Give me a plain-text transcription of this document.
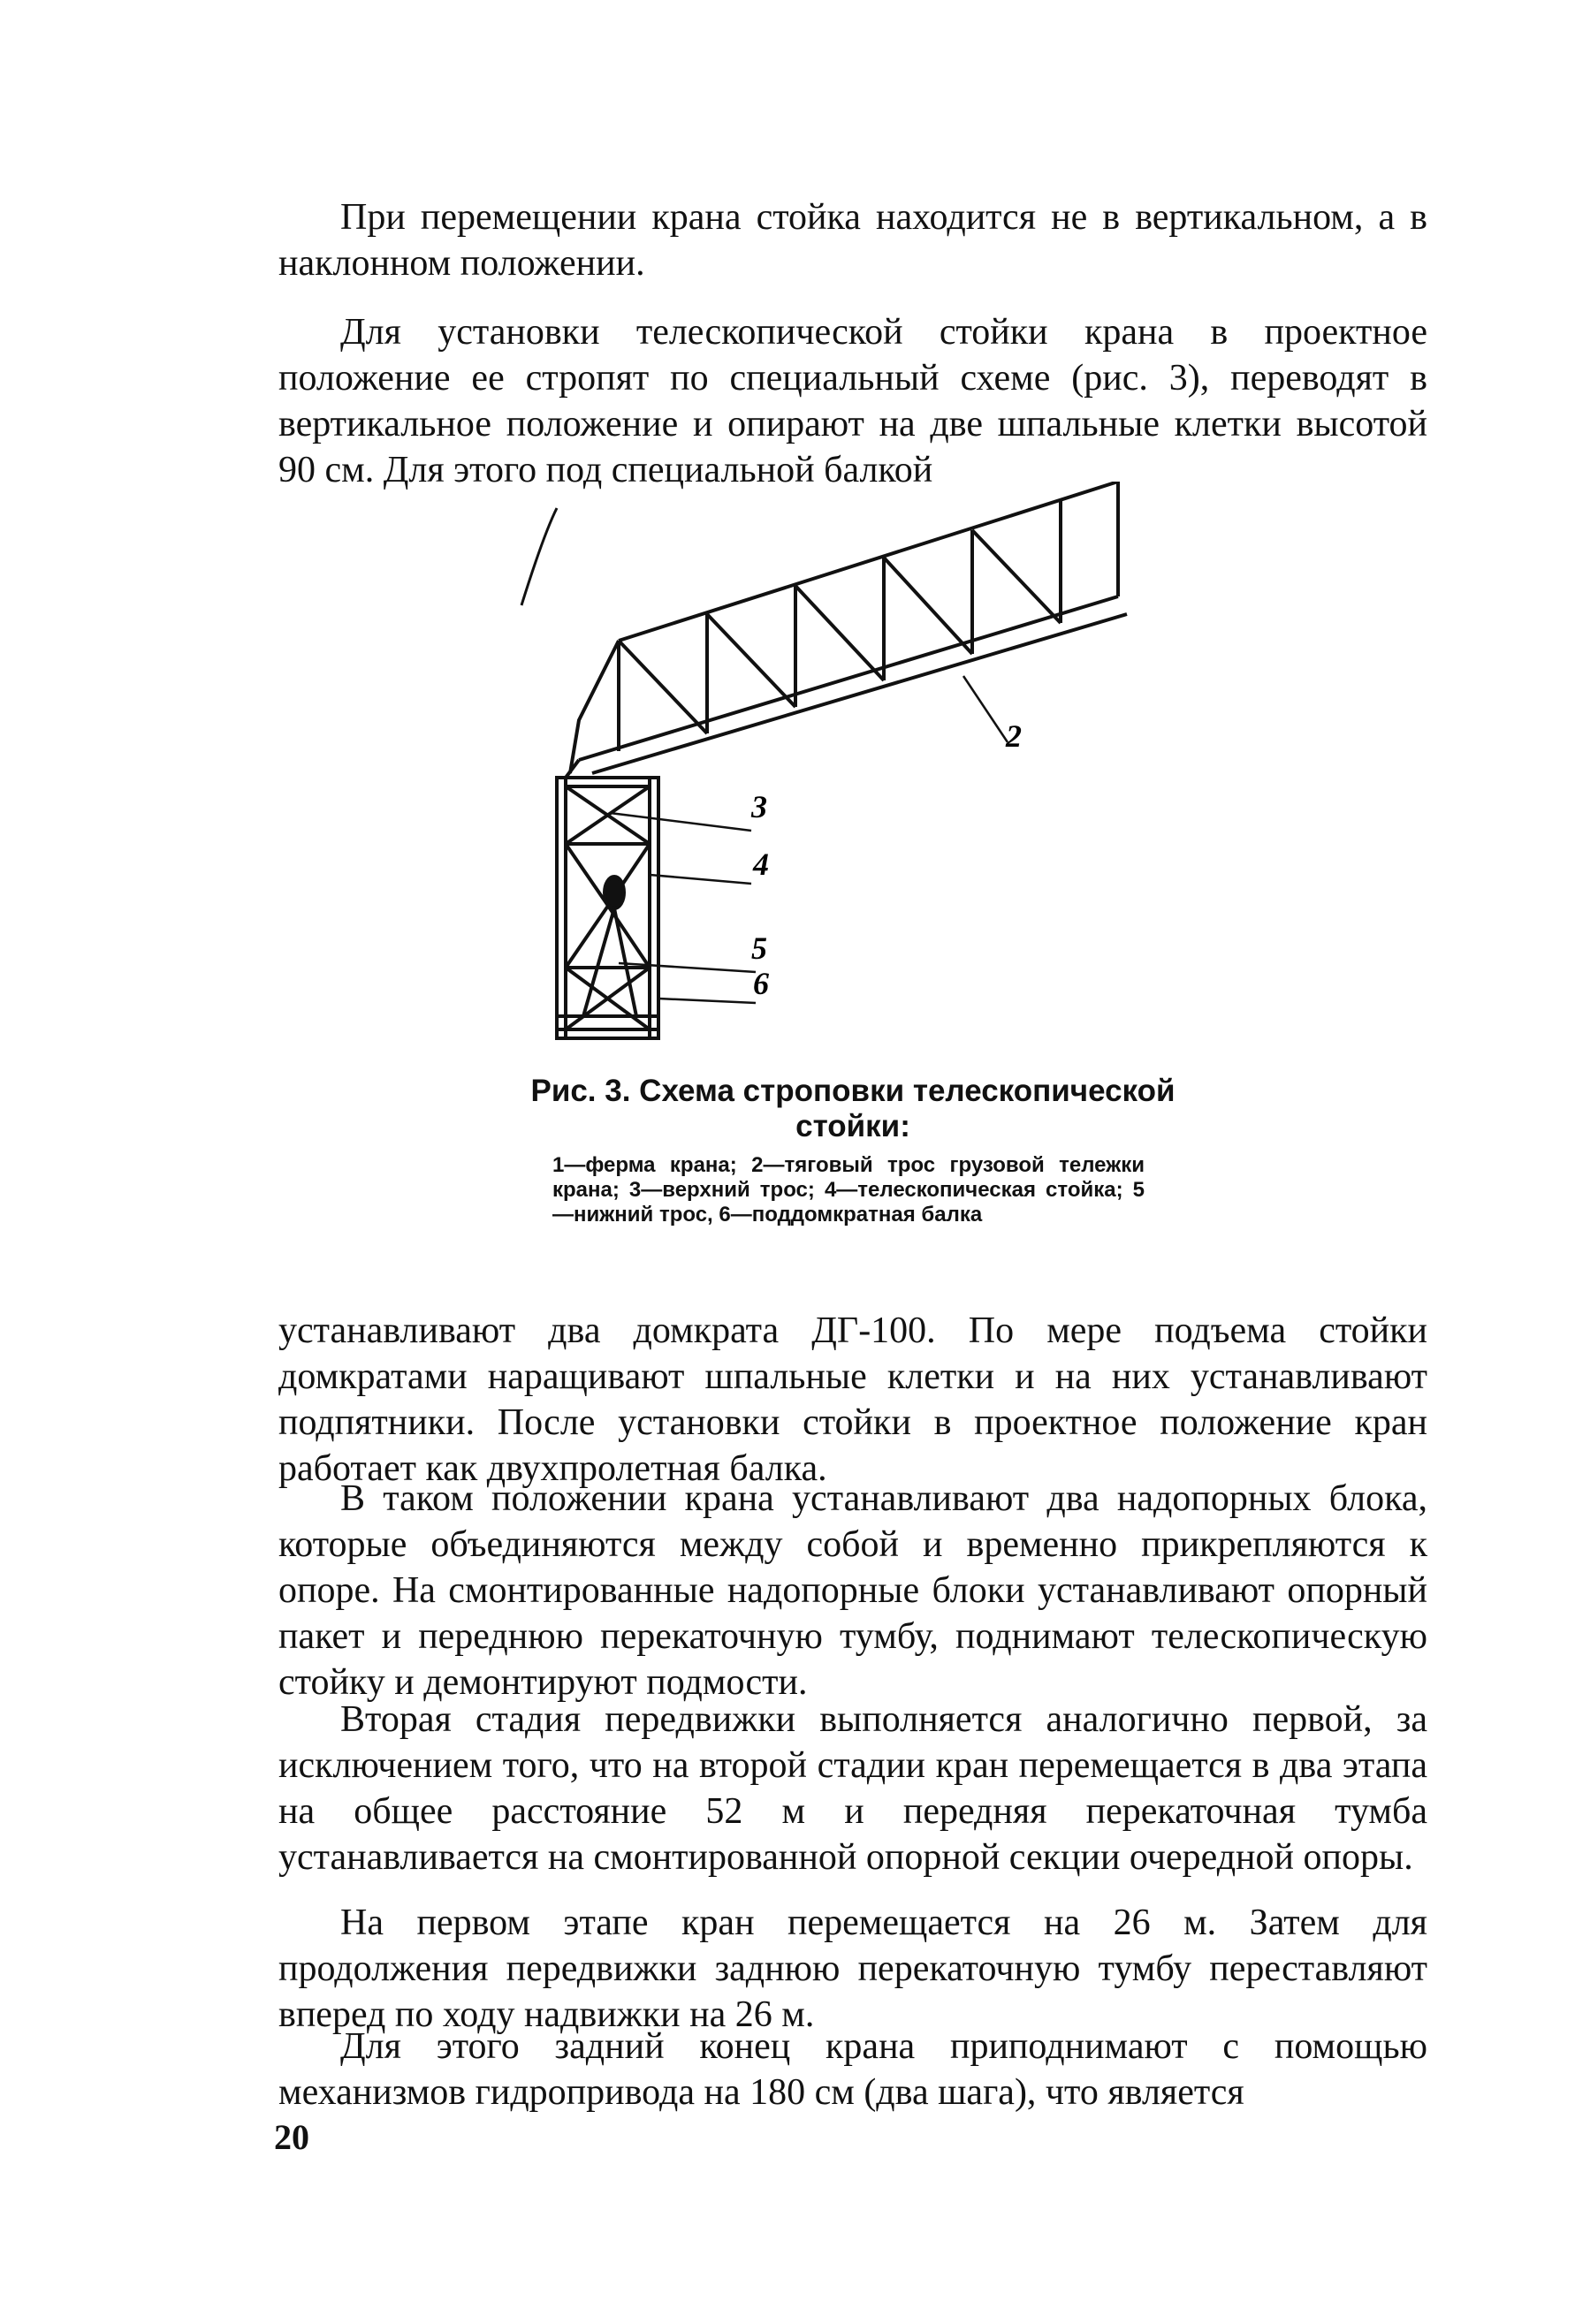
При перемещении крана стойка находится не в вертикальном, а в наклонном положении.

Для установки телескопической стойки крана в проектное положение ее стропят по специальный схеме (рис. 3), переводят в вертикальное положение и опирают на две шпальные клетки высотой 90 см. Для этого под специальной балкой

3
4
5
6
2
Рис. 3. Схема строповки телескопической стойки:
1—ферма крана; 2—тяговый трос грузовой тележки крана; 3—верхний трос; 4—телескопическая стойка; 5—нижний трос, 6—поддомкратная балка

устанавливают два домкрата ДГ-100. По мере подъема стойки домкратами наращивают шпальные клетки и на них устанавливают подпятники. После установки стойки в проектное положение кран работает как двухпролетная балка.

В таком положении крана устанавливают два надопорных блока, которые объединяются между собой и временно прикрепляются к опоре. На смонтированные надопорные блоки устанавливают опорный пакет и переднюю перекаточную тумбу, поднимают телескопическую стойку и демонтируют подмости.

Вторая стадия передвижки выполняется аналогично первой, за исключением того, что на второй стадии кран перемещается в два этапа на общее расстояние 52 м и передняя перекаточная тумба устанавливается на смонтированной опорной секции очередной опоры.

На первом этапе кран перемещается на 26 м. Затем для продолжения передвижки заднюю перекаточную тумбу переставляют вперед по ходу надвижки на 26 м.

Для этого задний конец крана приподнимают с помощью механизмов гидропривода на 180 см (два шага), что является

20
